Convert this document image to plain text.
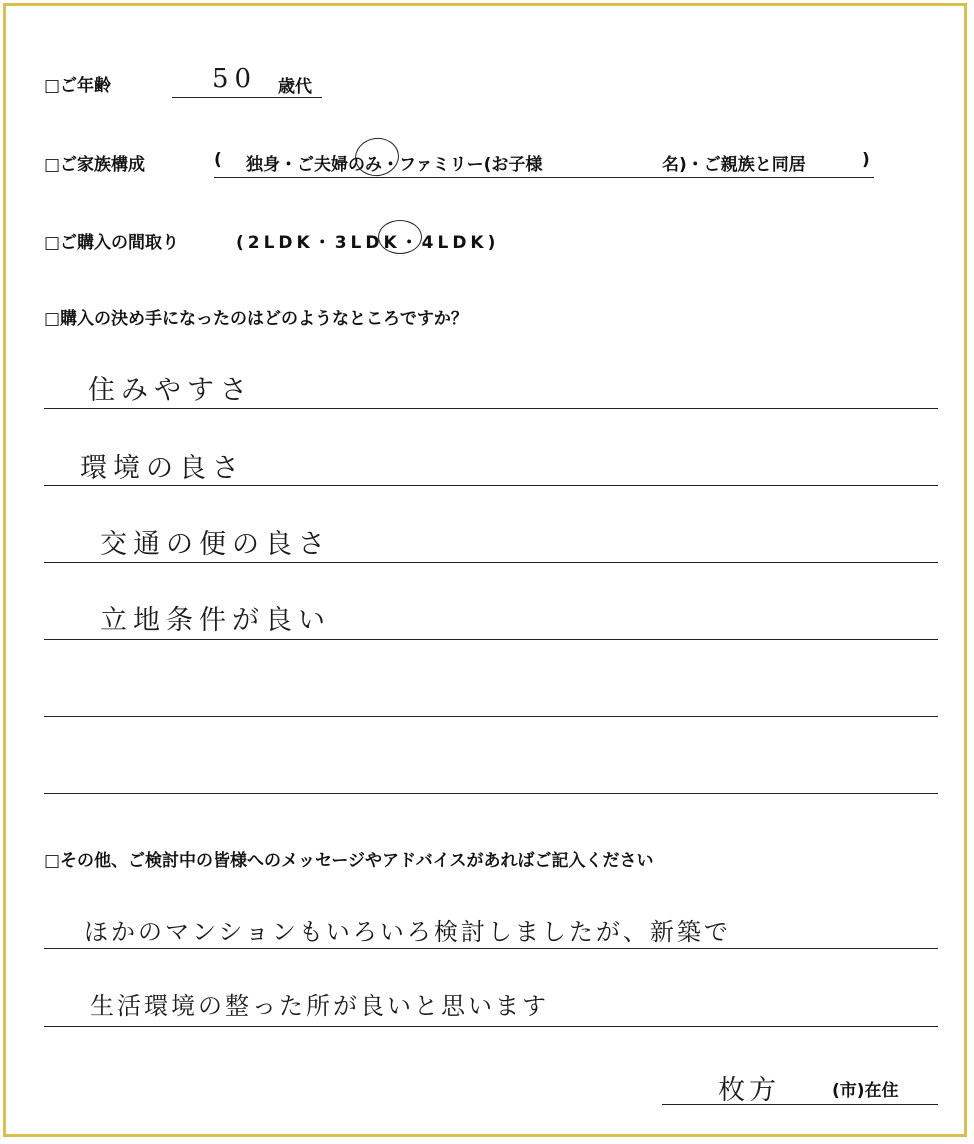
□ご年齢	50 歳代
□ご家族構成	( 独身・ご夫婦のみ・ファミリー(お子様	名)・ご親族と同居	)
□ご購入の間取り	(2LDK・3LDK・4LDK)
□購入の決め手になったのはどのようなところですか？
住みやすさ
環境の良さ
交通の便の良さ
立地条件が良い
□その他、ご検討中の皆様へのメッセージやアドバイスがあればご記入ください
ほかのマンションもいろいろ検討しましたが、新築で
生活環境の整った所が良いと思います
枚方	(市)在住
